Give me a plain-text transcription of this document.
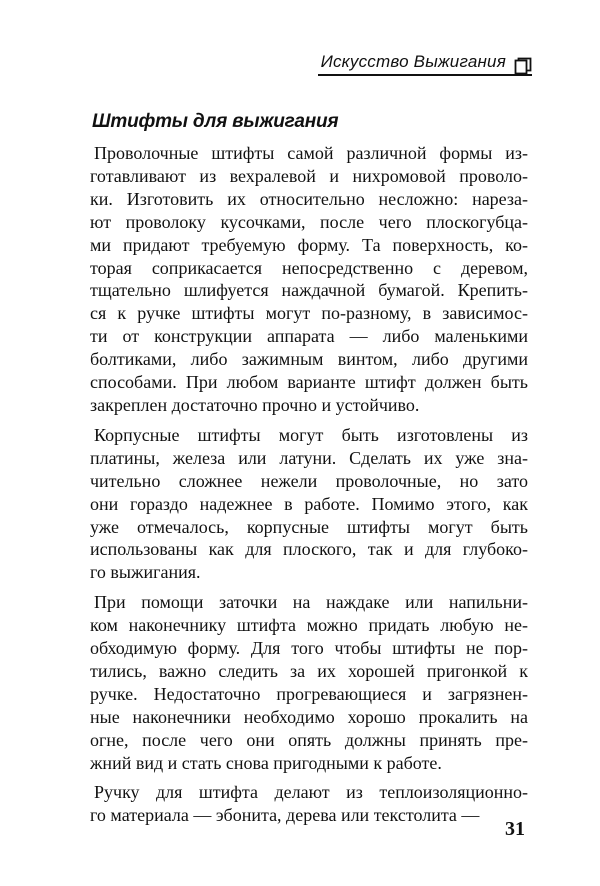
Искусство Выжигания
Штифты для выжигания

Проволочные штифты самой различной формы из-
готавливают из вехралевой и нихромовой проволо-
ки. Изготовить их относительно несложно: нареза-
ют проволоку кусочками, после чего плоскогубца-
ми придают требуемую форму. Та поверхность, ко-
торая соприкасается непосредственно с деревом,
тщательно шлифуется наждачной бумагой. Крепить-
ся к ручке штифты могут по-разному, в зависимос-
ти от конструкции аппарата — либо маленькими
болтиками, либо зажимным винтом, либо другими
способами. При любом варианте штифт должен быть
закреплен достаточно прочно и устойчиво.

Корпусные штифты могут быть изготовлены из
платины, железа или латуни. Сделать их уже зна-
чительно сложнее нежели проволочные, но зато
они гораздо надежнее в работе. Помимо этого, как
уже отмечалось, корпусные штифты могут быть
использованы как для плоского, так и для глубоко-
го выжигания.

При помощи заточки на наждаке или напильни-
ком наконечнику штифта можно придать любую не-
обходимую форму. Для того чтобы штифты не пор-
тились, важно следить за их хорошей пригонкой к
ручке. Недостаточно прогревающиеся и загрязнен-
ные наконечники необходимо хорошо прокалить на
огне, после чего они опять должны принять пре-
жний вид и стать снова пригодными к работе.

Ручку для штифта делают из теплоизоляционно-
го материала — эбонита, дерева или текстолита —

31
